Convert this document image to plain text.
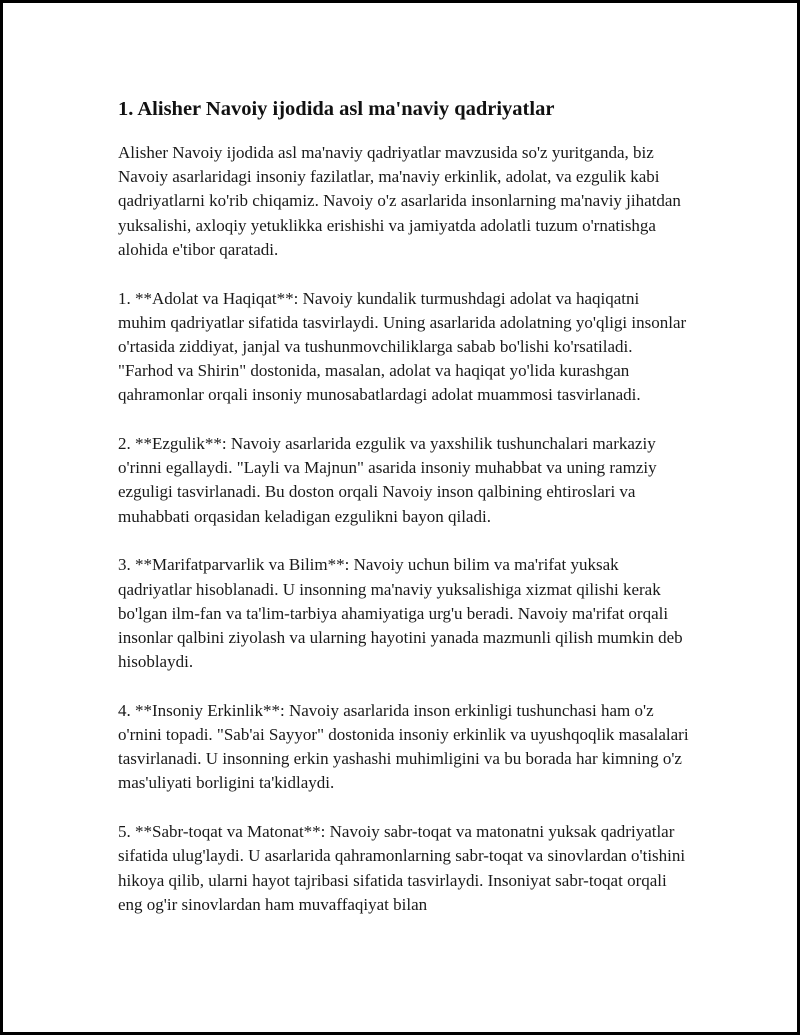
1. Alisher Navoiy ijodida asl ma'naviy qadriyatlar

Alisher Navoiy ijodida asl ma'naviy qadriyatlar mavzusida so'z yuritganda, biz Navoiy asarlaridagi insoniy fazilatlar, ma'naviy erkinlik, adolat, va ezgulik kabi qadriyatlarni ko'rib chiqamiz. Navoiy o'z asarlarida insonlarning ma'naviy jihatdan yuksalishi, axloqiy yetuklikka erishishi va jamiyatda adolatli tuzum o'rnatishga alohida e'tibor qaratadi.

1. **Adolat va Haqiqat**: Navoiy kundalik turmushdagi adolat va haqiqatni muhim qadriyatlar sifatida tasvirlaydi. Uning asarlarida adolatning yo'qligi insonlar o'rtasida ziddiyat, janjal va tushunmovchiliklarga sabab bo'lishi ko'rsatiladi. "Farhod va Shirin" dostonida, masalan, adolat va haqiqat yo'lida kurashgan qahramonlar orqali insoniy munosabatlardagi adolat muammosi tasvirlanadi.

2. **Ezgulik**: Navoiy asarlarida ezgulik va yaxshilik tushunchalari markaziy o'rinni egallaydi. "Layli va Majnun" asarida insoniy muhabbat va uning ramziy ezguligi tasvirlanadi. Bu doston orqali Navoiy inson qalbining ehtiroslari va muhabbati orqasidan keladigan ezgulikni bayon qiladi.

3. **Marifatparvarlik va Bilim**: Navoiy uchun bilim va ma'rifat yuksak qadriyatlar hisoblanadi. U insonning ma'naviy yuksalishiga xizmat qilishi kerak bo'lgan ilm-fan va ta'lim-tarbiya ahamiyatiga urg'u beradi. Navoiy ma'rifat orqali insonlar qalbini ziyolash va ularning hayotini yanada mazmunli qilish mumkin deb hisoblaydi.

4. **Insoniy Erkinlik**: Navoiy asarlarida inson erkinligi tushunchasi ham o'z o'rnini topadi. "Sab'ai Sayyor" dostonida insoniy erkinlik va uyushqoqlik masalalari tasvirlanadi. U insonning erkin yashashi muhimligini va bu borada har kimning o'z mas'uliyati borligini ta'kidlaydi.

5. **Sabr-toqat va Matonat**: Navoiy sabr-toqat va matonatni yuksak qadriyatlar sifatida ulug'laydi. U asarlarida qahramonlarning sabr-toqat va sinovlardan o'tishini hikoya qilib, ularni hayot tajribasi sifatida tasvirlaydi. Insoniyat sabr-toqat orqali eng og'ir sinovlardan ham muvaffaqiyat bilan
